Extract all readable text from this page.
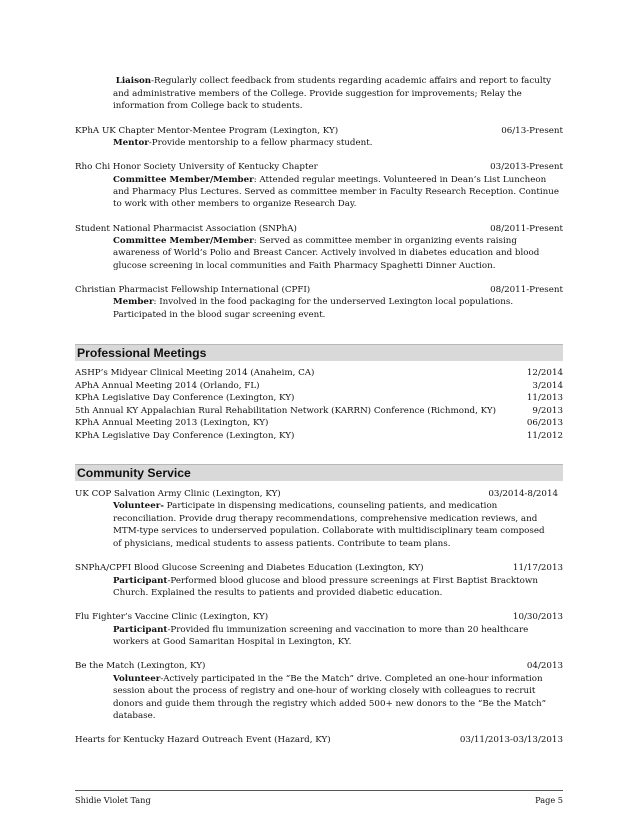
Liaison-Regularly collect feedback from students regarding academic affairs and report to faculty
and administrative members of the College. Provide suggestion for improvements; Relay the
information from College back to students.
KPhA UK Chapter Mentor-Mentee Program (Lexington, KY)	06/13-Present
Mentor-Provide mentorship to a fellow pharmacy student.
Rho Chi Honor Society University of Kentucky Chapter	03/2013-Present
Committee Member/Member: Attended regular meetings. Volunteered in Dean’s List Luncheon
and Pharmacy Plus Lectures. Served as committee member in Faculty Research Reception. Continue
to work with other members to organize Research Day.
Student National Pharmacist Association (SNPhA)	08/2011-Present
Committee Member/Member: Served as committee member in organizing events raising
awareness of World’s Polio and Breast Cancer. Actively involved in diabetes education and blood
glucose screening in local communities and Faith Pharmacy Spaghetti Dinner Auction.
Christian Pharmacist Fellowship International (CPFI)	08/2011-Present
Member: Involved in the food packaging for the underserved Lexington local populations.
Participated in the blood sugar screening event.
Professional Meetings
ASHP’s Midyear Clinical Meeting 2014 (Anaheim, CA)	12/2014
APhA Annual Meeting 2014 (Orlando, FL)	3/2014
KPhA Legislative Day Conference (Lexington, KY)	11/2013
5th Annual KY Appalachian Rural Rehabilitation Network (KARRN) Conference (Richmond, KY)	9/2013
KPhA Annual Meeting 2013 (Lexington, KY)	06/2013
KPhA Legislative Day Conference (Lexington, KY)	11/2012
Community Service
UK COP Salvation Army Clinic (Lexington, KY)	03/2014-8/2014
Volunteer- Participate in dispensing medications, counseling patients, and medication
reconciliation. Provide drug therapy recommendations, comprehensive medication reviews, and
MTM-type services to underserved population. Collaborate with multidisciplinary team composed
of physicians, medical students to assess patients. Contribute to team plans.
SNPhA/CPFI Blood Glucose Screening and Diabetes Education (Lexington, KY)	11/17/2013
Participant-Performed blood glucose and blood pressure screenings at First Baptist Bracktown
Church. Explained the results to patients and provided diabetic education.
Flu Fighter’s Vaccine Clinic (Lexington, KY)	10/30/2013
Participant-Provided flu immunization screening and vaccination to more than 20 healthcare
workers at Good Samaritan Hospital in Lexington, KY.
Be the Match (Lexington, KY)	04/2013
Volunteer-Actively participated in the “Be the Match” drive. Completed an one-hour information
session about the process of registry and one-hour of working closely with colleagues to recruit
donors and guide them through the registry which added 500+ new donors to the “Be the Match”
database.
Hearts for Kentucky Hazard Outreach Event (Hazard, KY)	03/11/2013-03/13/2013
Shidie Violet Tang	Page 5
